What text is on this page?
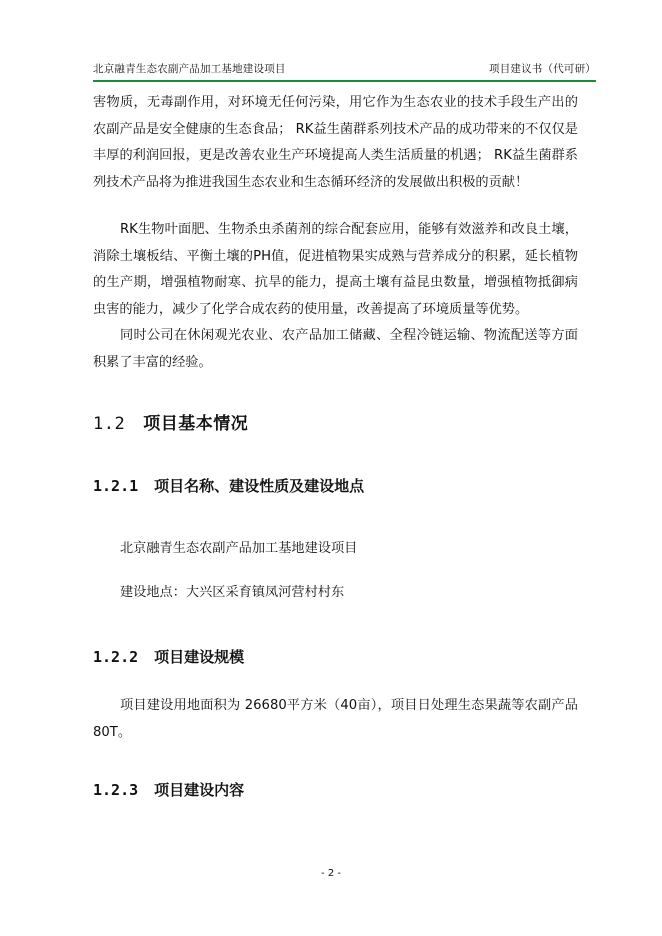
北京融青生态农副产品加工基地建设项目	项目建议书（代可研）

害物质，无毒副作用，对环境无任何污染，用它作为生态农业的技术手段生产出的农副产品是安全健康的生态食品； RK益生菌群系列技术产品的成功带来的不仅仅是丰厚的利润回报，更是改善农业生产环境提高人类生活质量的机遇； RK益生菌群系列技术产品将为推进我国生态农业和生态循环经济的发展做出积极的贡献！

RK生物叶面肥、生物杀虫杀菌剂的综合配套应用，能够有效滋养和改良土壤，消除土壤板结、平衡土壤的PH值，促进植物果实成熟与营养成分的积累，延长植物的生产期，增强植物耐寒、抗旱的能力，提高土壤有益昆虫数量，增强植物抵御病虫害的能力，减少了化学合成农药的使用量，改善提高了环境质量等优势。

同时公司在休闲观光农业、农产品加工储藏、全程冷链运输、物流配送等方面积累了丰富的经验。

1.2 项目基本情况
1.2.1 项目名称、建设性质及建设地点
北京融青生态农副产品加工基地建设项目
建设地点：大兴区采育镇凤河营村村东
1.2.2 项目建设规模

项目建设用地面积为 26680平方米（40亩），项目日处理生态果蔬等农副产品80T。

1.2.3 项目建设内容
- 2 -
